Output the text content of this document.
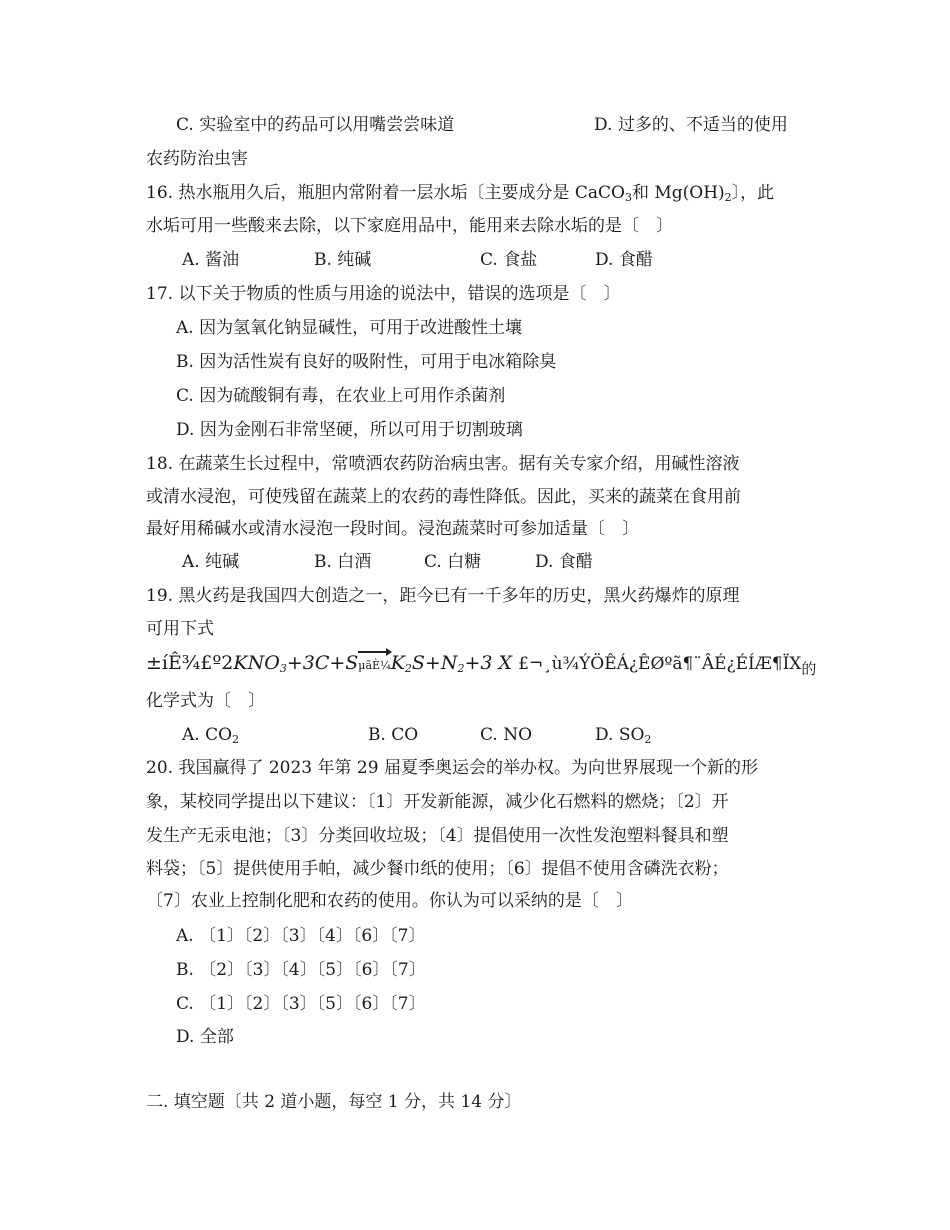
C. 实验室中的药品可以用嘴尝尝味道	D. 过多的、不适当的使用
农药防治虫害
16. 热水瓶用久后，瓶胆内常附着一层水垢〔主要成分是 CaCO$_3$和 $Mg(OH)_2$〕，此
水垢可用一些酸来去除，以下家庭用品中，能用来去除水垢的是〔　〕
A. 酱油	B. 纯碱	C. 食盐	D. 食醋
17. 以下关于物质的性质与用途的说法中，错误的选项是〔　〕
A. 因为氢氧化钠显碱性，可用于改进酸性土壤
B. 因为活性炭有良好的吸附性，可用于电冰箱除臭
C. 因为硫酸铜有毒，在农业上可用作杀菌剂
D. 因为金刚石非常坚硬，所以可用于切割玻璃
18. 在蔬菜生长过程中，常喷洒农药防治病虫害。据有关专家介绍，用碱性溶液
或清水浸泡，可使残留在蔬菜上的农药的毒性降低。因此，买来的蔬菜在食用前
最好用稀碱水或清水浸泡一段时间。浸泡蔬菜时可参加适量〔　〕
A. 纯碱	B. 白酒	C. 白糖	D. 食醋
19. 黑火药是我国四大创造之一，距今已有一千多年的历史，黑火药爆炸的原理
可用下式
$\pm íÊ\frac{3}{4}£º2KNO_3+3C+S$
$\mu ãÈ\frac{1}{4}K_2S+N_2+3$ X $£\neg¸ù\frac{3}{4}ÝÖÊÁ¿ÊØºã\P¨ÂÉ¿ÉÍÆ\P ÏX_的$
化学式为〔　〕
A. $CO_2$	B. CO	C. NO	D. $SO_2$
20. 我国赢得了 2023 年第 29 届夏季奥运会的举办权。为向世界展现一个新的形
象，某校同学提出以下建议：〔1〕开发新能源，减少化石燃料的燃烧；〔2〕开
发生产无汞电池；〔3〕分类回收垃圾；〔4〕提倡使用一次性发泡塑料餐具和塑
料袋；〔5〕提供使用手帕，减少餐巾纸的使用；〔6〕提倡不使用含磷洗衣粉；
〔7〕农业上控制化肥和农药的使用。你认为可以采纳的是〔　〕
A. 〔1〕〔2〕〔3〕〔4〕〔6〕〔7〕
B. 〔2〕〔3〕〔4〕〔5〕〔6〕〔7〕
C. 〔1〕〔2〕〔3〕〔5〕〔6〕〔7〕
D. 全部
二. 填空题〔共 2 道小题，每空 1 分，共 14 分〕
